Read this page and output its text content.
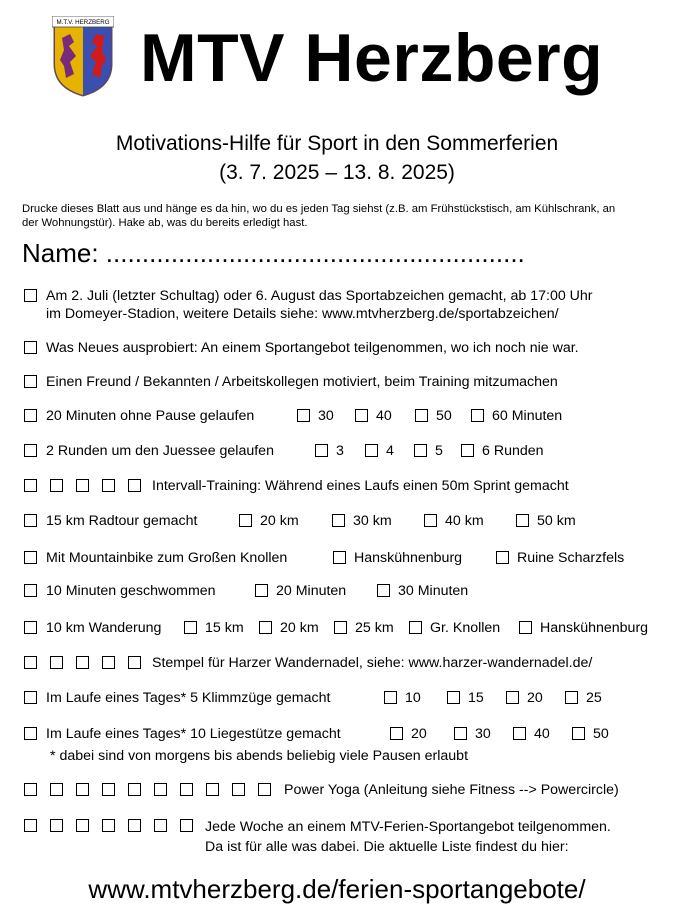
M.T.V. HERZBERG MTV Herzberg
Motivations-Hilfe für Sport in den Sommerferien
(3. 7. 2025 – 13. 8. 2025)
Drucke dieses Blatt aus und hänge es da hin, wo du es jeden Tag siehst (z.B. am Frühstückstisch, am Kühlschrank, an der Wohnungstür). Hake ab, was du bereits erledigt hast.
Name: ..........................................................
Am 2. Juli (letzter Schultag) oder 6. August das Sportabzeichen gemacht, ab 17:00 Uhr
im Domeyer-Stadion, weitere Details siehe: www.mtvherzberg.de/sportabzeichen/
Was Neues ausprobiert: An einem Sportangebot teilgenommen, wo ich noch nie war.
Einen Freund / Bekannten / Arbeitskollegen motiviert, beim Training mitzumachen
20 Minuten ohne Pause gelaufen	30	40	50	60 Minuten
2 Runden um den Juessee gelaufen	3	4	5	6 Runden
Intervall-Training: Während eines Laufs einen 50m Sprint gemacht
15 km Radtour gemacht	20 km	30 km	40 km	50 km
Mit Mountainbike zum Großen Knollen	Hanskühnenburg	Ruine Scharzfels
10 Minuten geschwommen	20 Minuten	30 Minuten
10 km Wanderung	15 km	20 km	25 km	Gr. Knollen	Hanskühnenburg
Stempel für Harzer Wandernadel, siehe: www.harzer-wandernadel.de/
Im Laufe eines Tages* 5 Klimmzüge gemacht	10	15	20	25
Im Laufe eines Tages* 10 Liegestütze gemacht	20	30	40	50
* dabei sind von morgens bis abends beliebig viele Pausen erlaubt
Power Yoga (Anleitung siehe Fitness --> Powercircle)
Jede Woche an einem MTV-Ferien-Sportangebot teilgenommen.
Da ist für alle was dabei. Die aktuelle Liste findest du hier:
www.mtvherzberg.de/ferien-sportangebote/
